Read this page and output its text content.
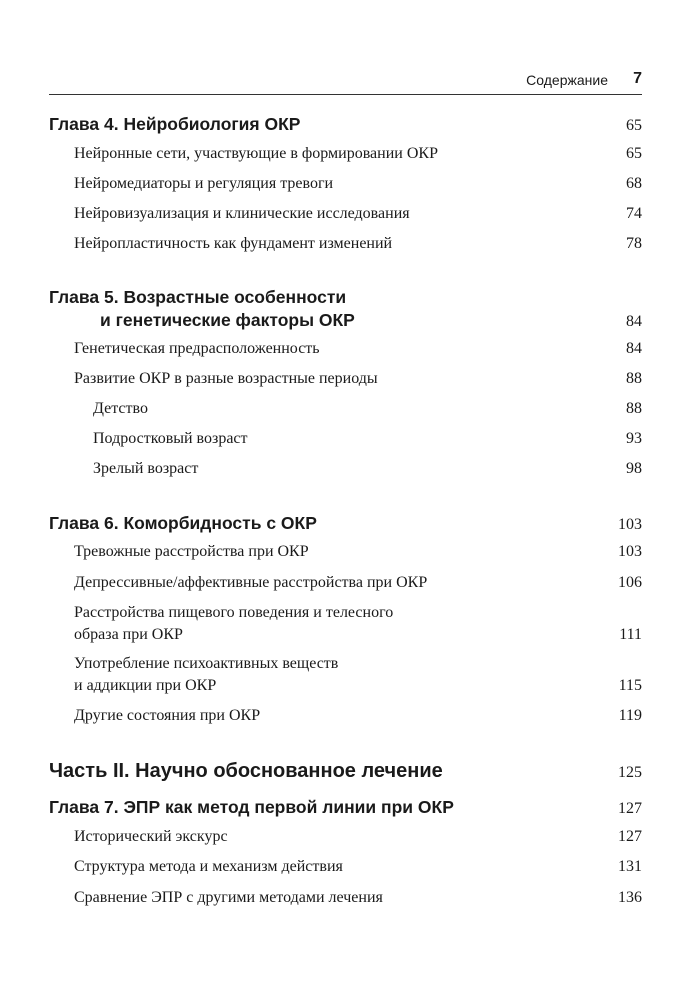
Содержание 7
Глава 4. Нейробиология ОКР	65
Нейронные сети, участвующие в формировании ОКР	65
Нейромедиаторы и регуляция тревоги	68
Нейровизуализация и клинические исследования	74
Нейропластичность как фундамент изменений	78
Глава 5. Возрастные особенности
и генетические факторы ОКР	84
Генетическая предрасположенность	84
Развитие ОКР в разные возрастные периоды	88
Детство	88
Подростковый возраст	93
Зрелый возраст	98
Глава 6. Коморбидность с ОКР	103
Тревожные расстройства при ОКР	103
Депрессивные/аффективные расстройства при ОКР	106
Расстройства пищевого поведения и телесного
образа при ОКР	111
Употребление психоактивных веществ
и аддикции при ОКР	115
Другие состояния при ОКР	119
Часть II. Научно обоснованное лечение	125
Глава 7. ЭПР как метод первой линии при ОКР	127
Исторический экскурс	127
Структура метода и механизм действия	131
Сравнение ЭПР с другими методами лечения	136
